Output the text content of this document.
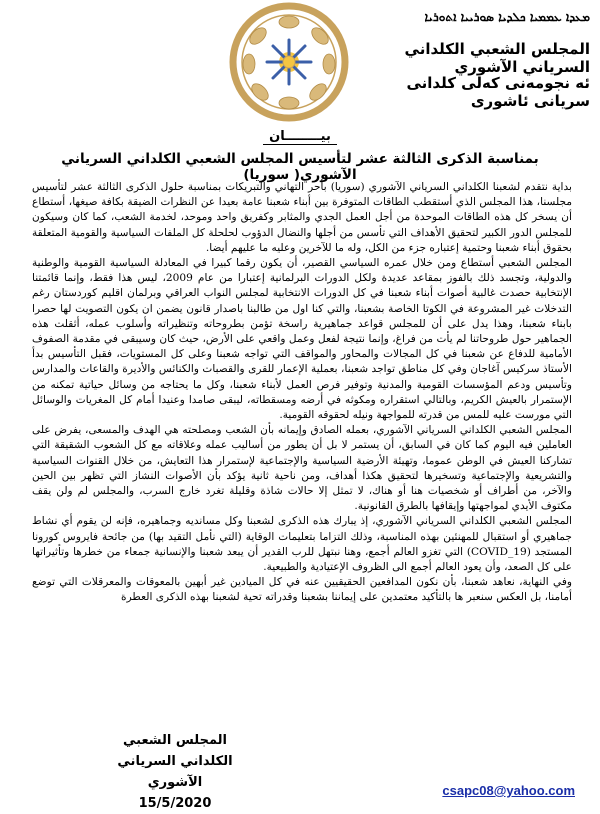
ܡܥܕܐ ܥܡܡܝܐ ܟܠܕܝܐ ܣܘܪܝܝܐ ܐܬܘܪܝܐ
المجلس الشعبي الكلداني السرياني الآشوري
ئه نجومه‌نی كه‌لی كلدانی سریانی ئاشوری
بيــــــــان
بمناسبة الذكرى الثالثة عشر لتأسيس المجلس الشعبي الكلداني السرياني الآشوري( سوريا)

بداية نتقدم لشعبنا الكلداني السرياني الآشوري (سوريا) بأحر التهاني والتبريكات بمناسبة حلول الذكرى الثالثة عشر لتأسيس مجلسنا، هذا المجلس الذي أستقطب الطاقات المتوفرة بين أبناء شعبنا عامة بعيدا عن النظرات الضيقة بكافة صيغها، أستطاع أن يسخر كل هذه الطاقات الموحدة من أجل العمل الجدي والمثابر وكفريق واحد وموحد، لخدمة الشعب، كما كان وسيكون للمجلس الدور الكبير لتحقيق الأهداف التي تأسس من أجلها والنضال الدؤوب لحلحلة كل الملفات السياسية والقومية المتعلقة بحقوق أبناء شعبنا وحتمية إعتباره جزء من الكل، وله ما للآخرين وعليه ما عليهم أيضا.

المجلس الشعبي أستطاع ومن خلال عمره السياسي القصير، أن يكون رقما كبيرا في المعادلة السياسية القومية والوطنية والدولية، وتجسد ذلك بالفوز بمقاعد عديدة ولكل الدورات البرلمانية إعتبارا من عام 2009، ليس هذا فقط، وإنما قائمتنا الإنتخابية حصدت غالبية أصوات أبناء شعبنا في كل الدورات الانتخابية لمجلس النواب العراقي وبرلمان اقليم كوردستان رغم التدخلات غير المشروعة في الكوتا الخاصة بشعبنا، والتي كنا اول من طالبنا باصدار قانون يضمن ان يكون التصويت لها حصرا بابناء شعبنا، وهذا يدل على أن للمجلس قواعد جماهيرية راسخة تؤمن بطروحاته وتنظيراته وأسلوب عمله، أثقلت هذه الجماهير حول طروحاتنا لم يأت من فراغ، وإنما نتيجة لفعل وعمل واقعي على الأرض، حيث كان وسيبقى في مقدمة الصفوف الأمامية للدفاع عن شعبنا في كل المجالات والمحاور والمواقف التي تواجه شعبنا وعلى كل المستويات، فقبل التأسيس بدأ الأستاذ سركيس آغاجان وفي كل مناطق تواجد شعبنا، بعملية الإعمار للقرى والقصبات والكنائس والأديرة والقاعات والمدارس وتأسيس ودعم المؤسسات القومية والمدنية وتوفير فرص العمل لأبناء شعبنا، وكل ما يحتاجه من وسائل حياتية تمكنه من الإستمرار بالعيش الكريم، وبالتالي استقراره ومكوثه في أرضه ومسقطاته، ليبقى صامدا وعنيدا أمام كل المغريات والوسائل التي مورست عليه للمس من قدرته للمواجهة ونيله لحقوقه القومية.

المجلس الشعبي الكلداني السرياني الآشوري، بعمله الصادق وإيمانه بأن الشعب ومصلحته هي الهدف والمسعى، يفرض على العاملين فيه اليوم كما كان في السابق، أن يستمر لا بل أن يطور من أساليب عمله وعلاقاته مع كل الشعوب الشقيقة التي تشاركنا العيش في الوطن عموما، وتهيئة الأرضية السياسية والإجتماعية لإستمرار هذا التعايش، من خلال القنوات السياسية والتشريعية والإجتماعية وتسخيرها لتحقيق هكذا أهداف، ومن ناحية ثانية يؤكد بأن الأصوات النشاز التي تظهر بين الحين والآخر، من أطراف أو شخصيات هنا أو هناك، لا تمثل إلا حالات شاذة وقليلة تغرد خارج السرب، والمجلس لم ولن يقف مكتوف الأيدي لمواجهتها وإيقافها بالطرق القانونية.

المجلس الشعبي الكلداني السرياني الآشوري، إذ يبارك هذه الذكرى لشعبنا وكل مسانديه وجماهيره، فإنه لن يقوم أي نشاط جماهيري أو استقبال للمهنئين بهذه المناسبة، وذلك التزاما بتعليمات الوقاية (التي نأمل التقيد بها) من جائحة فايروس كورونا المستجد (COVID_19) التي تغزو العالم أجمع، وهنا نبتهل للرب القدير أن يبعد شعبنا والإنسانية جمعاء من خطرها وتأثيراتها على كل الصعد، وأن يعود العالم أجمع الى الظروف الإعتيادية والطبيعية.

وفي النهاية، نعاهد شعبنا، بأن نكون المدافعين الحقيقيين عنه في كل الميادين غير أبهين بالمعوقات والمعرقلات التي توضع أمامنا، بل العكس سنعبر ها بالتأكيد معتمدين على إيماننا بشعبنا وقدراته تحية لشعبنا بهذه الذكرى العطرة

المجلس الشعبي
الكلداني السرياني الآشوري
15/5/2020
csapc08@yahoo.com
